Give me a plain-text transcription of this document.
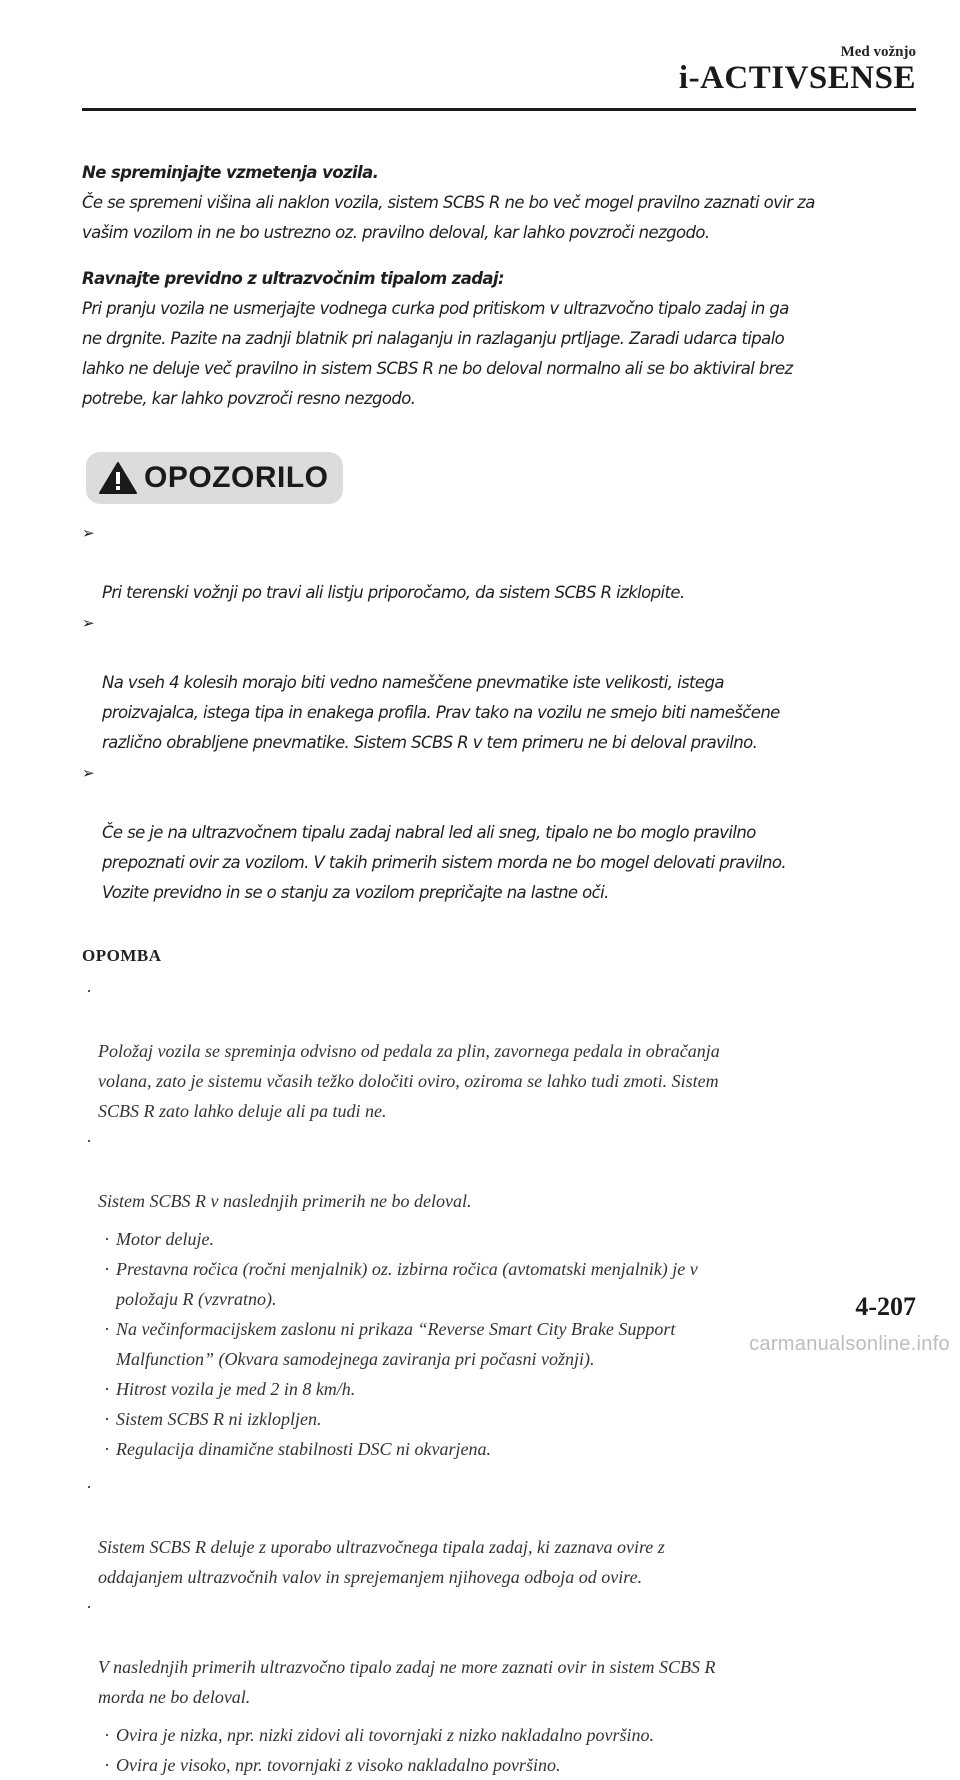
Med vožnjo
i-ACTIVSENSE
Ne spreminjajte vzmetenja vozila.
Če se spremeni višina ali naklon vozila, sistem SCBS R ne bo več mogel pravilno zaznati ovir za
vašim vozilom in ne bo ustrezno oz. pravilno deloval, kar lahko povzroči nezgodo.
Ravnajte previdno z ultrazvočnim tipalom zadaj:
Pri pranju vozila ne usmerjajte vodnega curka pod pritiskom v ultrazvočno tipalo zadaj in ga
ne drgnite. Pazite na zadnji blatnik pri nalaganju in razlaganju prtljage. Zaradi udarca tipalo
lahko ne deluje več pravilno in sistem SCBS R ne bo deloval normalno ali se bo aktiviral brez
potrebe, kar lahko povzroči resno nezgodo.
OPOZORILO

➢

Pri terenski vožnji po travi ali listju priporočamo, da sistem SCBS R izklopite.

➢

Na vseh 4 kolesih morajo biti vedno nameščene pnevmatike iste velikosti, istega
proizvajalca, istega tipa in enakega profila. Prav tako na vozilu ne smejo biti nameščene
različno obrabljene pnevmatike. Sistem SCBS R v tem primeru ne bi deloval pravilno.

➢

Če se je na ultrazvočnem tipalu zadaj nabral led ali sneg, tipalo ne bo moglo pravilno
prepoznati ovir za vozilom. V takih primerih sistem morda ne bo mogel delovati pravilno.
Vozite previdno in se o stanju za vozilom prepričajte na lastne oči.

OPOMBA

·

Položaj vozila se spreminja odvisno od pedala za plin, zavornega pedala in obračanja
volana, zato je sistemu včasih težko določiti oviro, oziroma se lahko tudi zmoti. Sistem
SCBS R zato lahko deluje ali pa tudi ne.

·

Sistem SCBS R v naslednjih primerih ne bo deloval.

· Motor deluje.
· Prestavna ročica (ročni menjalnik) oz. izbirna ročica (avtomatski menjalnik) je v
položaju R (vzvratno).
· Na večinformacijskem zaslonu ni prikaza “Reverse Smart City Brake Support
Malfunction” (Okvara samodejnega zaviranja pri počasni vožnji).
· Hitrost vozila je med 2 in 8 km/h.
· Sistem SCBS R ni izklopljen.
· Regulacija dinamične stabilnosti DSC ni okvarjena.

·

Sistem SCBS R deluje z uporabo ultrazvočnega tipala zadaj, ki zaznava ovire z
oddajanjem ultrazvočnih valov in sprejemanjem njihovega odboja od ovire.

·

V naslednjih primerih ultrazvočno tipalo zadaj ne more zaznati ovir in sistem SCBS R
morda ne bo deloval.

· Ovira je nizka, npr. nizki zidovi ali tovornjaki z nizko nakladalno površino.
· Ovira je visoko, npr. tovornjaki z visoko nakladalno površino.
4-207
carmanualsonline.info
